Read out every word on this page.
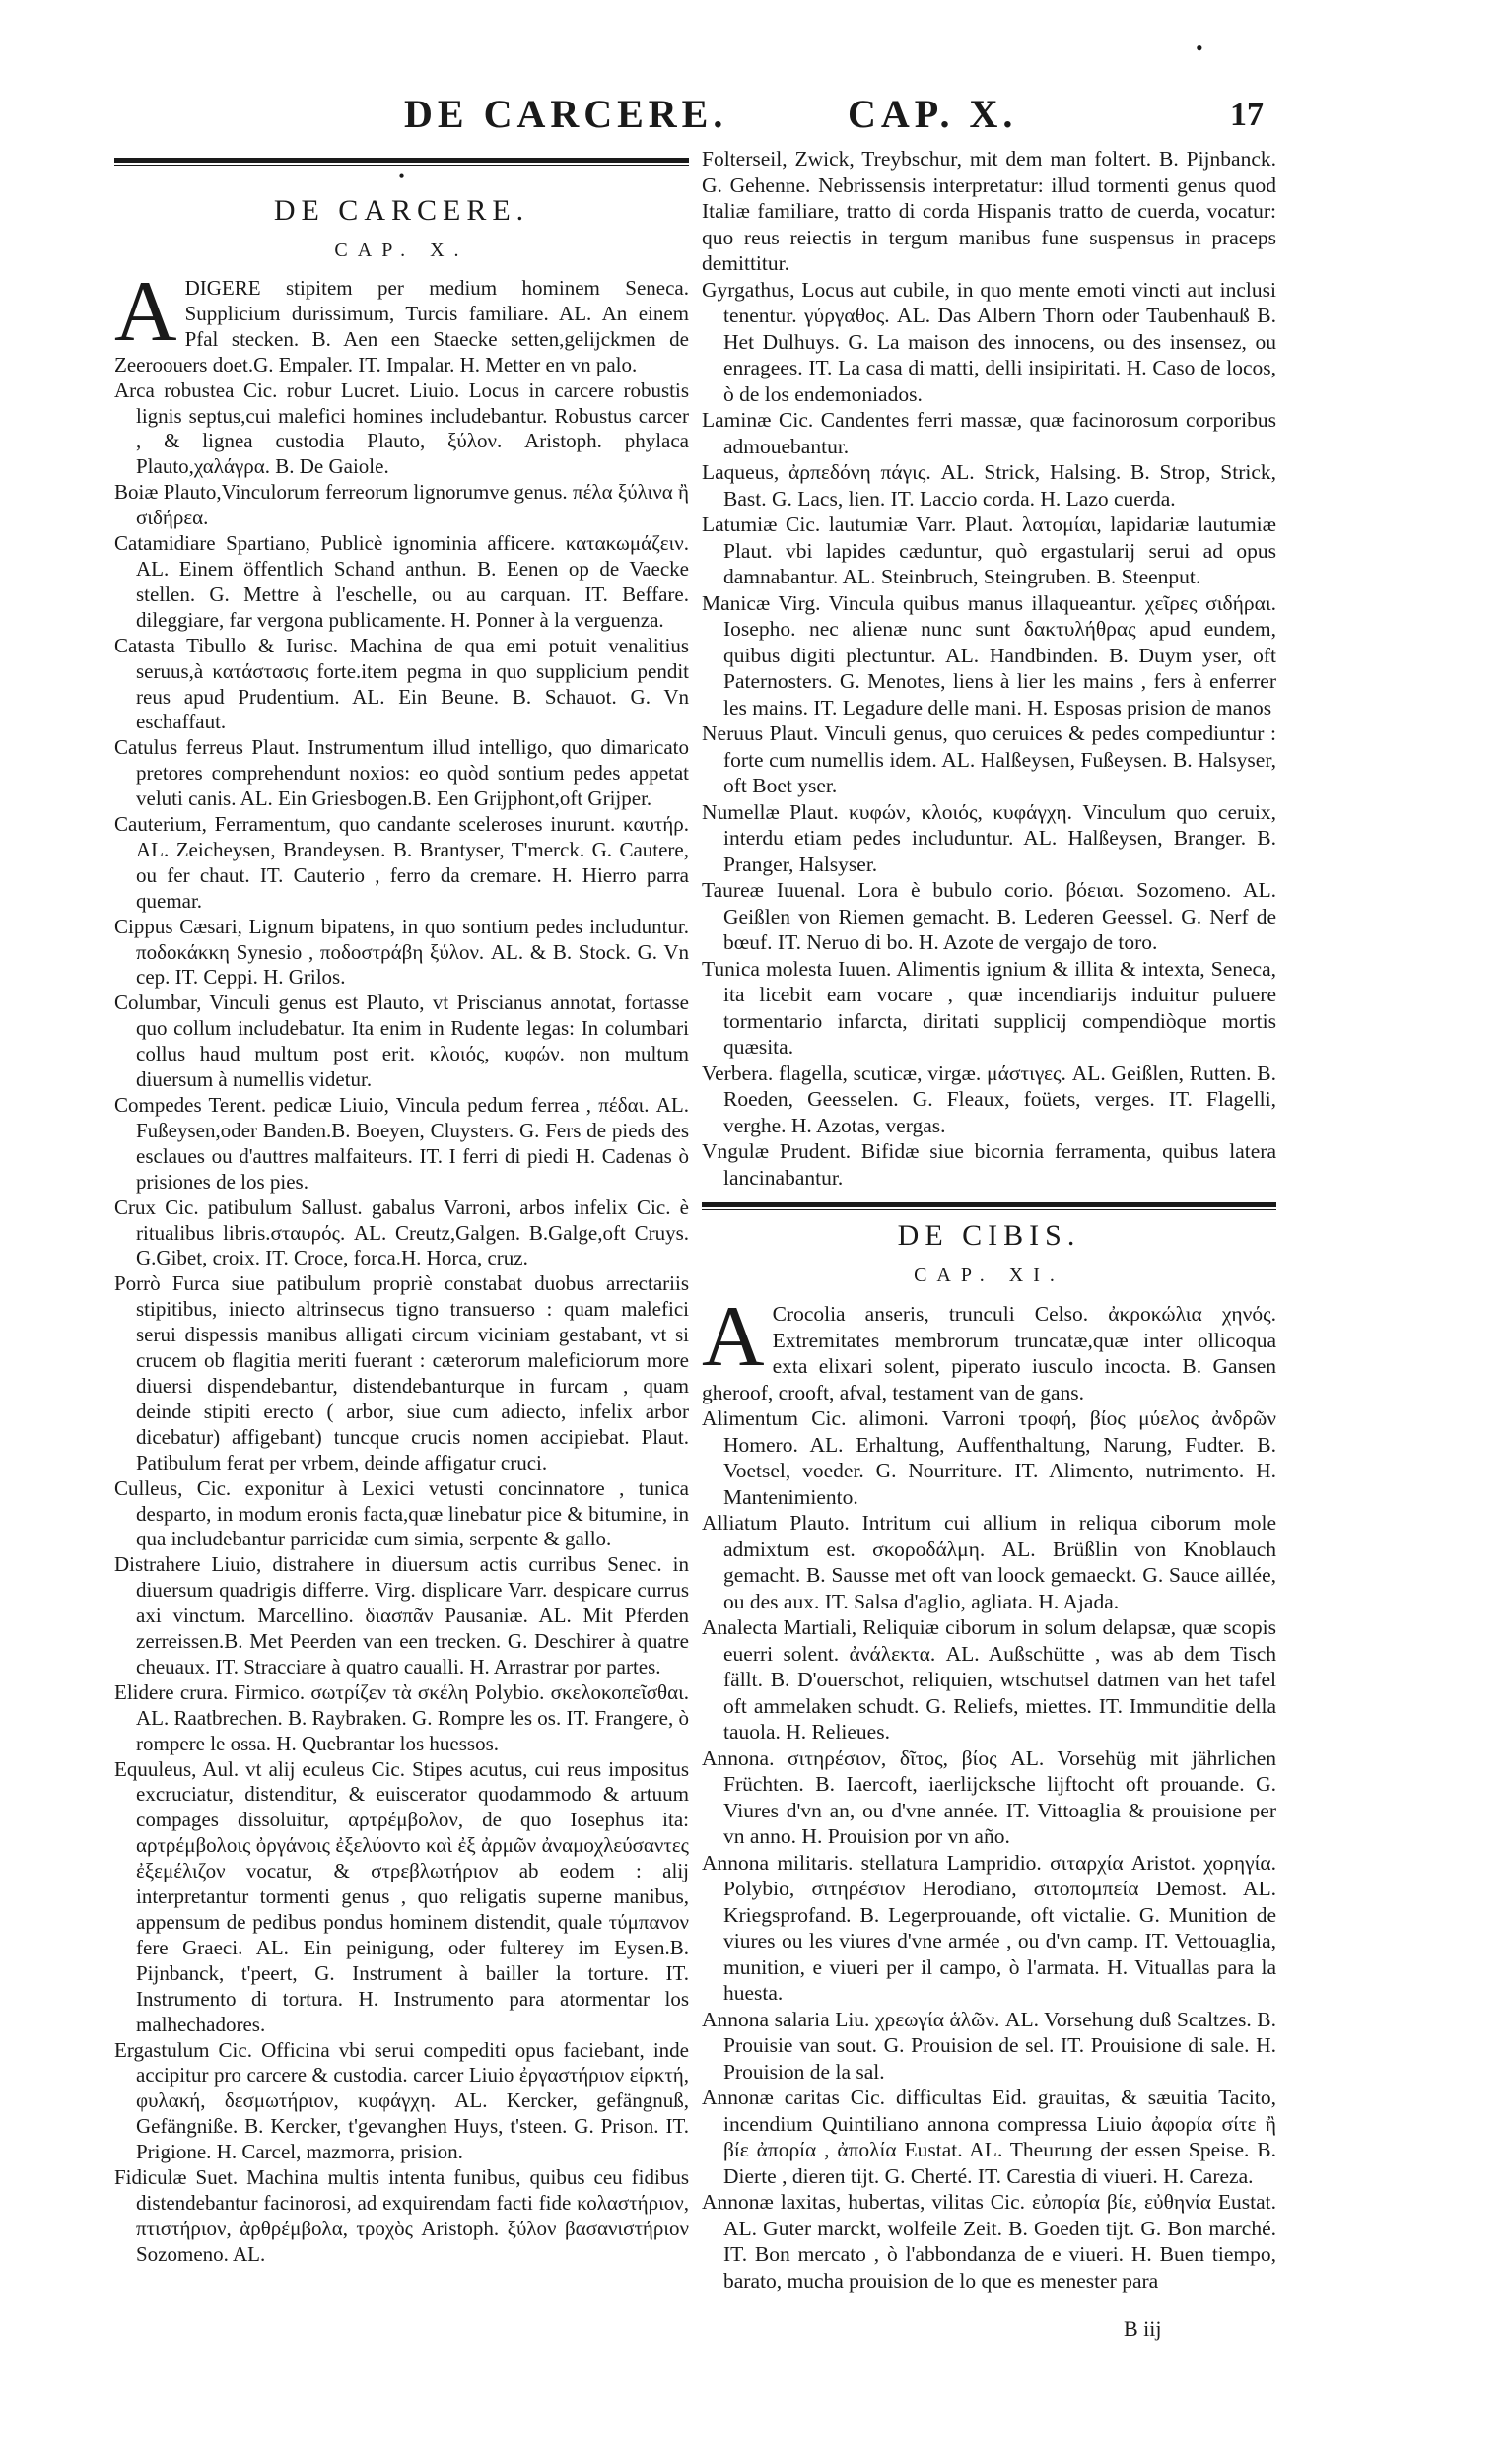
•
DE CARCERE.	CAP. X.	17
•
DE CARCERE.
CAP. X.

ADIGERE stipitem per medium hominem Seneca. Supplicium durissimum, Turcis familiare. AL. An einem Pfal stecken. B. Aen een Staecke setten,gelijckmen de Zeeroouers doet.G. Empaler. IT. Impalar. H. Metter en vn palo.

Arca robustea Cic. robur Lucret. Liuio. Locus in carcere robustis lignis septus,cui malefici homines includebantur. Robustus carcer , & lignea custodia Plauto, ξύλον. Aristoph. phylaca Plauto,χαλάγρα. B. De Gaiole.

Boiæ Plauto,Vinculorum ferreorum lignorumve genus. πέλα ξύλινα ἢ σιδήρεα.

Catamidiare Spartiano, Publicè ignominia afficere. κατακωμάζειν. AL. Einem öffentlich Schand anthun. B. Eenen op de Vaecke stellen. G. Mettre à l'eschelle, ou au carquan. IT. Beffare. dileggiare, far vergona publicamente. H. Ponner à la verguenza.

Catasta Tibullo & Iurisc. Machina de qua emi potuit venalitius seruus,à κατάστασις forte.item pegma in quo supplicium pendit reus apud Prudentium. AL. Ein Beune. B. Schauot. G. Vn eschaffaut.

Catulus ferreus Plaut. Instrumentum illud intelligo, quo dimaricato pretores comprehendunt noxios: eo quòd sontium pedes appetat veluti canis. AL. Ein Griesbogen.B. Een Grijphont,oft Grijper.

Cauterium, Ferramentum, quo candante sceleroses inurunt. καυτήρ. AL. Zeicheysen, Brandeysen. B. Brantyser, T'merck. G. Cautere, ou fer chaut. IT. Cauterio , ferro da cremare. H. Hierro parra quemar.

Cippus Cæsari, Lignum bipatens, in quo sontium pedes includuntur. ποδοκάκκη Synesio , ποδοστράβη ξύλον. AL. & B. Stock. G. Vn cep. IT. Ceppi. H. Grilos.

Columbar, Vinculi genus est Plauto, vt Priscianus annotat, fortasse quo collum includebatur. Ita enim in Rudente legas: In columbari collus haud multum post erit. κλοιός, κυφών. non multum diuersum à numellis videtur.

Compedes Terent. pedicæ Liuio, Vincula pedum ferrea , πέδαι. AL. Fußeysen,oder Banden.B. Boeyen, Cluysters. G. Fers de pieds des esclaues ou d'auttres malfaiteurs. IT. I ferri di piedi H. Cadenas ò prisiones de los pies.

Crux Cic. patibulum Sallust. gabalus Varroni, arbos infelix Cic. è ritualibus libris.σταυρός. AL. Creutz,Galgen. B.Galge,oft Cruys. G.Gibet, croix. IT. Croce, forca.H. Horca, cruz.

Porrò Furca siue patibulum propriè constabat duobus arrectariis stipitibus, iniecto altrinsecus tigno transuerso : quam malefici serui dispessis manibus alligati circum viciniam gestabant, vt si crucem ob flagitia meriti fuerant : cæterorum maleficiorum more diuersi dispendebantur, distendebanturque in furcam , quam deinde stipiti erecto ( arbor, siue cum adiecto, infelix arbor dicebatur) affigebant) tuncque crucis nomen accipiebat. Plaut. Patibulum ferat per vrbem, deinde affigatur cruci.

Culleus, Cic. exponitur à Lexici vetusti concinnatore , tunica desparto, in modum eronis facta,quæ linebatur pice & bitumine, in qua includebantur parricidæ cum simia, serpente & gallo.

Distrahere Liuio, distrahere in diuersum actis curribus Senec. in diuersum quadrigis differre. Virg. displicare Varr. despicare currus axi vinctum. Marcellino. διασπᾶν Pausaniæ. AL. Mit Pferden zerreissen.B. Met Peerden van een trecken. G. Deschirer à quatre cheuaux. IT. Stracciare à quatro caualli. H. Arrastrar por partes.

Elidere crura. Firmico. σωτρίζεν τὰ σκέλη Polybio. σκελοκοπεῖσθαι. AL. Raatbrechen. B. Raybraken. G. Rompre les os. IT. Frangere, ò rompere le ossa. H. Quebrantar los huessos.

Equuleus, Aul. vt alij eculeus Cic. Stipes acutus, cui reus impositus excruciatur, distenditur, & euiscerator quodammodo & artuum compages dissoluitur, αρτρέμβολον, de quo Iosephus ita: αρτρέμβολοις ὀργάνοις ἐξελύοντο καὶ ἐξ ἀρμῶν ἀναμοχλεύσαντες ἐξεμέλιζον vocatur, & στρεβλωτήριον ab eodem : alij interpretantur tormenti genus , quo religatis superne manibus, appensum de pedibus pondus hominem distendit, quale τύμπανον fere Graeci. AL. Ein peinigung, oder fultereу im Eysen.B. Pijnbanck, t'peert, G. Instrument à bailler la torture. IT. Instrumento di tortura. H. Instrumento para atormentar los malhechadores.

Ergastulum Cic. Officina vbi serui compediti opus faciebant, inde accipitur pro carcere & custodia. carcer Liuio ἐργαστήριον εἱρκτή, φυλακή, δεσμωτήριον, κυφάγχη. AL. Kercker, gefängnuß, Gefängniße. B. Kercker, t'gevanghen Huys, t'steen. G. Prison. IT. Prigione. H. Carcel, mazmorra, prision.

Fidiculæ Suet. Machina multis intenta funibus, quibus ceu fidibus distendebantur facinorosi, ad exquirendam facti fide κολαστήριον, πτιστήριον, ἀρθρέμβολα, τροχὸς Aristoph. ξύλον βασανιστήριον Sozomeno. AL.

Folterseil, Zwick, Treybschur, mit dem man foltert. B. Pijnbanck. G. Gehenne. Nebrissensis interpretatur: illud tormenti genus quod Italiæ familiare, tratto di corda Hispanis tratto de cuerda, vocatur: quo reus reiectis in tergum manibus fune suspensus in praceps demittitur.

Gyrgathus, Locus aut cubile, in quo mente emoti vincti aut inclusi tenentur. γύργαθος. AL. Das Albern Thorn oder Taubenhauß B. Het Dulhuys. G. La maison des innocens, ou des insensez, ou enragees. IT. La casa di matti, delli insipiritati. H. Caso de locos, ò de los endemoniados.

Laminæ Cic. Candentes ferri massæ, quæ facinorosum corporibus admouebantur.

Laqueus, ἀρπεδόνη πάγις. AL. Strick, Halsing. B. Strop, Strick, Bast. G. Lacs, lien. IT. Laccio corda. H. Lazo cuerda.

Latumiæ Cic. lautumiæ Varr. Plaut. λατομίαι, lapidariæ lautumiæ Plaut. vbi lapides cæduntur, quò ergastularij serui ad opus damnabantur. AL. Steinbruch, Steingruben. B. Steenput.

Manicæ Virg. Vincula quibus manus illaqueantur. χεῖρες σιδήραι. Iosepho. nec alienæ nunc sunt δακτυλήθρας apud eundem, quibus digiti plectuntur. AL. Handbinden. B. Duym yser, oft Paternosters. G. Menotes, liens à lier les mains , fers à enferrer les mains. IT. Legadure delle mani. H. Esposas prision de manos

Neruus Plaut. Vinculi genus, quo ceruices & pedes compediuntur : forte cum numellis idem. AL. Halßeysen, Fußeysen. B. Halsyser, oft Boet yser.

Numellæ Plaut. κυφών, κλοιός, κυφάγχη. Vinculum quo ceruix, interdu etiam pedes includuntur. AL. Halßeysen, Branger. B. Pranger, Halsyser.

Taureæ Iuuenal. Lora è bubulo corio. βόειαι. Sozomeno. AL. Geißlen von Riemen gemacht. B. Lederen Geessel. G. Nerf de bœuf. IT. Neruo di bo. H. Azote de vergajo de toro.

Tunica molesta Iuuen. Alimentis ignium & illita & intexta, Seneca, ita licebit eam vocare , quæ incendiarijs induitur puluere tormentario infarcta, diritati supplicij compendiòque mortis quæsita.

Verbera. flagella, scuticæ, virgæ. μάστιγες. AL. Geißlen, Rutten. B. Roeden, Geesselen. G. Fleaux, foüets, verges. IT. Flagelli, verghe. H. Azotas, vergas.

Vngulæ Prudent. Bifidæ siue bicornia ferramenta, quibus latera lancinabantur.

DE CIBIS.
CAP. XI.

A Crocolia anseris, trunculi Celso. ἀκροκώλια χηνός. Extremitates membrorum truncatæ,quæ inter ollicoqua exta elixari solent, piperato iusculo incocta. B. Gansen gheroof, crooft, afval, testament van de gans.

Alimentum Cic. alimoni. Varroni τροφή, βίος μύελος ἀνδρῶν Homero. AL. Erhaltung, Auffenthaltung, Narung, Fudter. B. Voetsel, voeder. G. Nourriture. IT. Alimento, nutrimento. H. Mantenimiento.

Alliatum Plauto. Intritum cui allium in reliqua ciborum mole admixtum est. σκοροδάλμη. AL. Brüßlin von Knoblauch gemacht. B. Sausse met oft van loock gemaeckt. G. Sauce aillée, ou des aux. IT. Salsa d'aglio, agliata. H. Ajada.

Analecta Martiali, Reliquiæ ciborum in solum delapsæ, quæ scopis euerri solent. ἀνάλεκτα. AL. Außschütte , was ab dem Tisch fällt. B. D'ouerschot, reliquien, wtschutsel datmen van het tafel oft ammelaken schudt. G. Reliefs, miettes. IT. Immunditie della tauola. H. Relieues.

Annona. σιτηρέσιον, δῖτος, βίος AL. Vorsehüg mit jährlichen Früchten. B. Iaercoft, iaerlijcksche lijftocht oft prouande. G. Viures d'vn an, ou d'vne année. IT. Vittoaglia & prouisione per vn anno. H. Prouision por vn año.

Annona militaris. stellatura Lampridio. σιταρχία Aristot. χορηγία. Polybio, σιτηρέσιον Herodiano, σιτοπομπεία Demost. AL. Kriegsprofand. B. Legerprouande, oft victalie. G. Munition de viures ou les viures d'vne armée , ou d'vn camp. IT. Vettouaglia, munition, e viueri per il campo, ò l'armata. H. Vituallas para la huesta.

Annona salaria Liu. χρεωγία ἁλῶν. AL. Vorsehung duß Scaltzes. B. Prouisie van sout. G. Prouision de sel. IT. Prouisione di sale. H. Prouision de la sal.

Annonæ caritas Cic. difficultas Eid. grauitas, & sæuitia Tacito, incendium Quintiliano annona compressa Liuio ἀφορία σίτε ἢ βίε ἀπορία , ἀπολία Eustat. AL. Theurung der essen Speise. B. Dierte , dieren tijt. G. Cherté. IT. Carestia di viueri. H. Careza.

Annonæ laxitas, hubertas, vilitas Cic. εὐπορία βίε, εὐθηνία Eustat. AL. Guter marckt, wolfeile Zeit. B. Goeden tijt. G. Bon marché. IT. Bon mercato , ò l'abbondanza de e viueri. H. Buen tiempo, barato, mucha prouision de lo que es menester para

B iij
